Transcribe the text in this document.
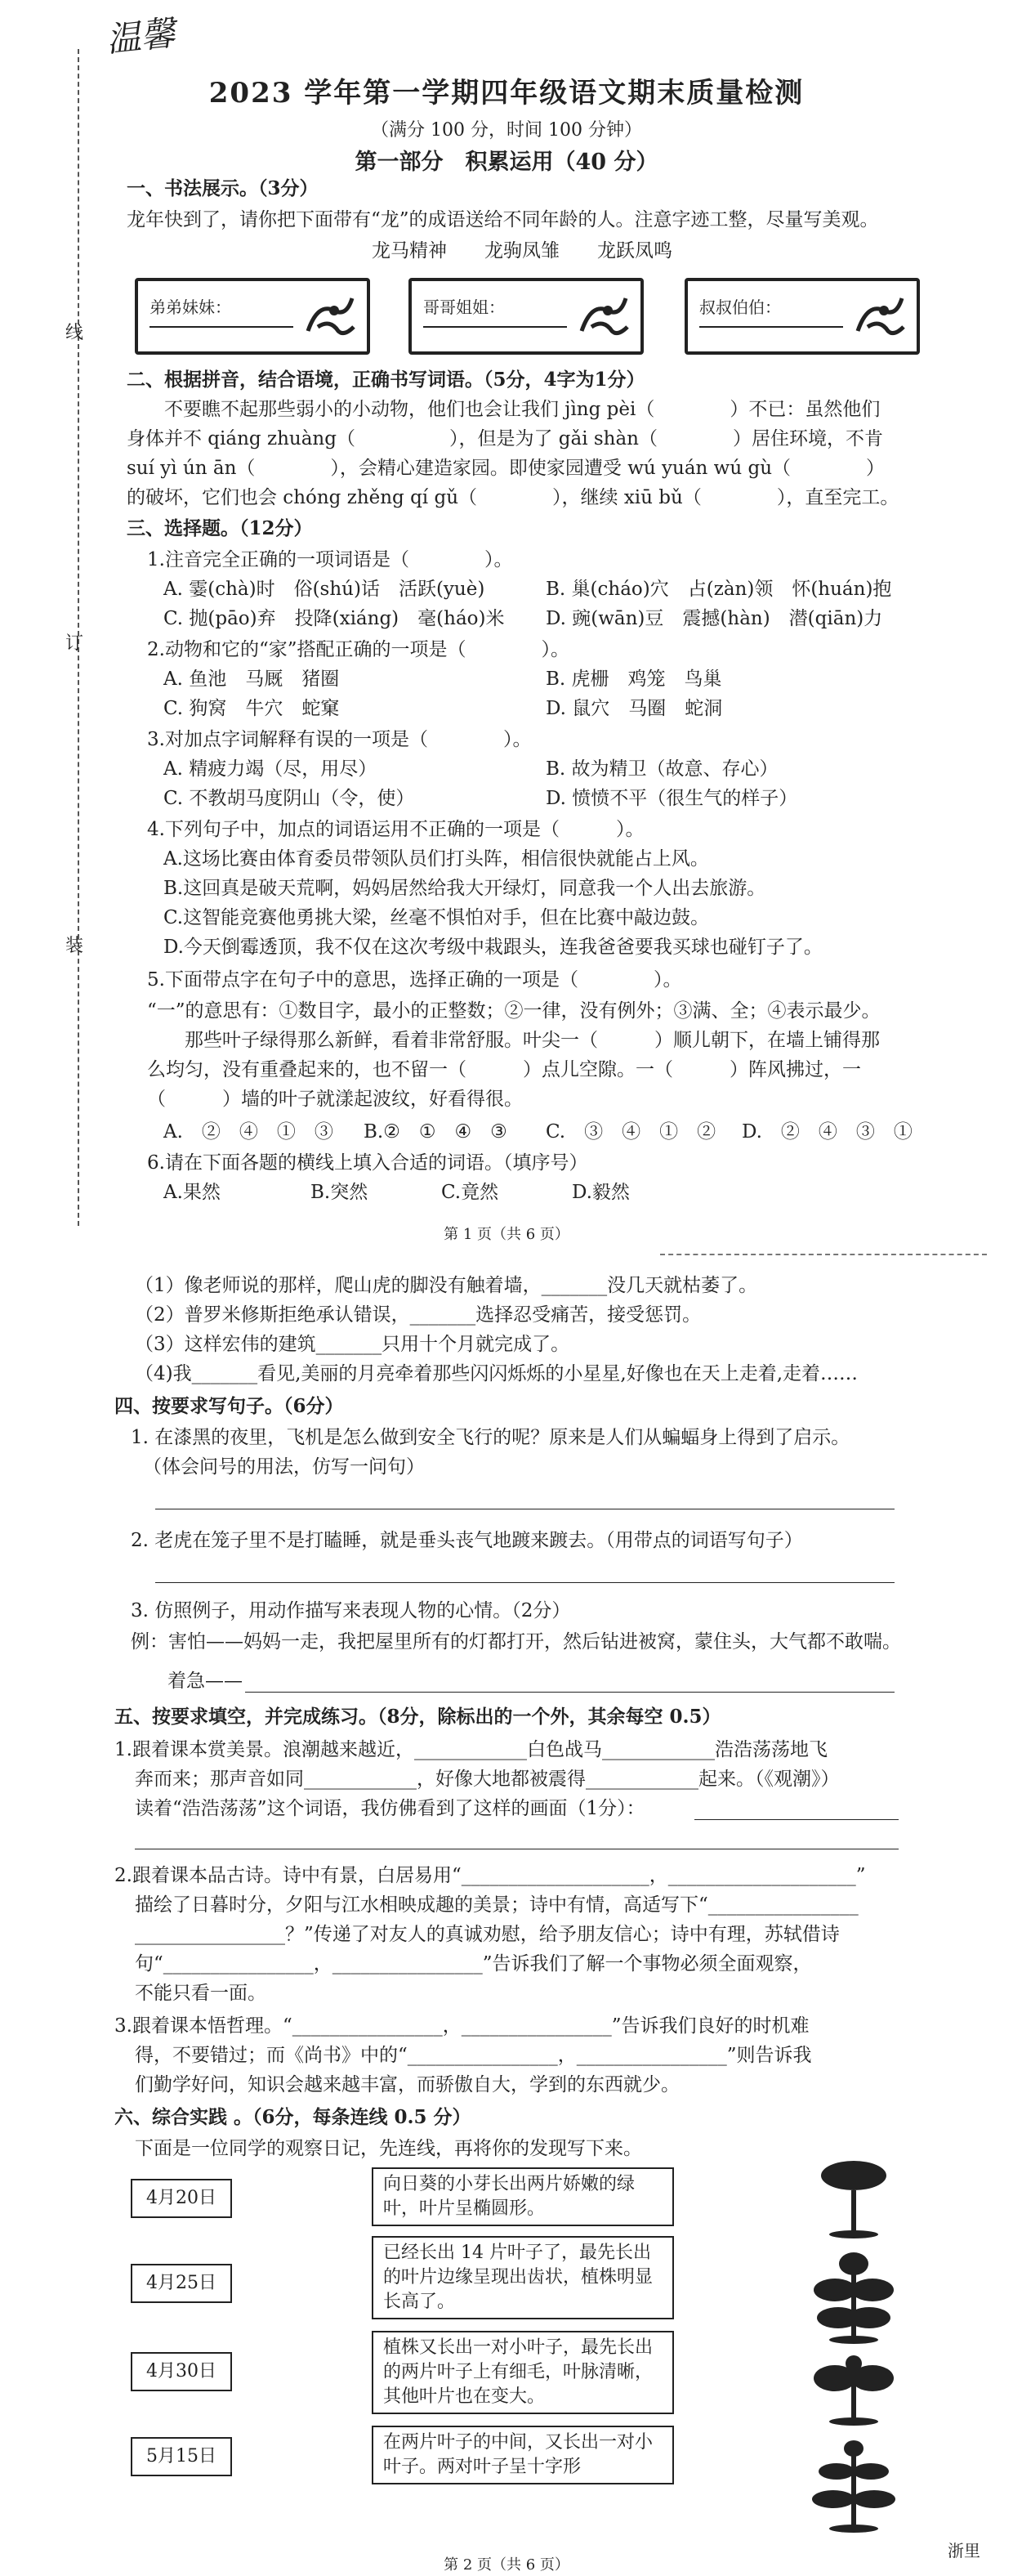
温馨
线
订
装
2023 学年第一学期四年级语文期末质量检测
（满分 100 分，时间 100 分钟）
第一部分　积累运用（40 分）
一、书法展示。（3分）
龙年快到了，请你把下面带有“龙”的成语送给不同年龄的人。注意字迹工整，尽量写美观。
龙马精神　　龙驹凤雏　　龙跃凤鸣
弟弟妹妹：	哥哥姐姐：	叔叔伯伯：
二、根据拼音，结合语境，正确书写词语。（5分，4字为1分）
　　不要瞧不起那些弱小的小动物，他们也会让我们 jìng pèi（　　　　）不已：虽然他们
身体并不 qiáng zhuàng（　　　　　），但是为了 gǎi shàn（　　　　）居住环境，不肯
suí yì ún ān（　　　　），会精心建造家园。即使家园遭受 wú yuán wú gù（　　　　）
的破坏，它们也会 chóng zhěng qí gǔ（　　　　），继续 xiū bǔ（　　　　），直至完工。
三、选择题。（12分）
1.注音完全正确的一项词语是（　　　　）。
A. 霎(chà)时　俗(shú)话　活跃(yuè)	B. 巢(cháo)穴　占(zàn)领　怀(huán)抱
C. 抛(pāo)弃　投降(xiáng)　毫(háo)米	D. 豌(wān)豆　震撼(hàn)　潜(qiān)力
2.动物和它的“家”搭配正确的一项是（　　　　）。
A. 鱼池　马厩　猪圈	B. 虎栅　鸡笼　鸟巢
C. 狗窝　牛穴　蛇窠	D. 鼠穴　马圈　蛇洞
3.对加点字词解释有误的一项是（　　　　）。
A. 精疲力竭（尽，用尽）	B. 故为精卫（故意、存心）
C. 不教胡马度阴山（令，使）	D. 愤愤不平（很生气的样子）
4.下列句子中，加点的词语运用不正确的一项是（　　　）。
A.这场比赛由体育委员带领队员们打头阵，相信很快就能占上风。
B.这回真是破天荒啊，妈妈居然给我大开绿灯，同意我一个人出去旅游。
C.这智能竞赛他勇挑大梁，丝毫不惧怕对手，但在比赛中敲边鼓。
D.今天倒霉透顶，我不仅在这次考级中栽跟头，连我爸爸要我买球也碰钉子了。
5.下面带点字在句子中的意思，选择正确的一项是（　　　　）。
“一”的意思有：①数目字，最小的正整数；②一律，没有例外；③满、全；④表示最少。
　　那些叶子绿得那么新鲜，看着非常舒服。叶尖一（　　　）顺儿朝下，在墙上铺得那
么均匀，没有重叠起来的，也不留一（　　　）点儿空隙。一（　　　）阵风拂过，一
（　　　）墙的叶子就漾起波纹，好看得很。
A.　②　④　①　③	B.②　①　④　③	C.　③　④　①　②	D.　②　④　③　①
6.请在下面各题的横线上填入合适的词语。（填序号）
A.果然	B.突然	C.竟然	D.毅然
第 1 页（共 6 页）
（1）像老师说的那样，爬山虎的脚没有触着墙，_______没几天就枯萎了。
（2）普罗米修斯拒绝承认错误，_______选择忍受痛苦，接受惩罚。
（3）这样宏伟的建筑_______只用十个月就完成了。
（4)我_______看见,美丽的月亮牵着那些闪闪烁烁的小星星,好像也在天上走着,走着……
四、按要求写句子。（6分）
1. 在漆黑的夜里，飞机是怎么做到安全飞行的呢？原来是人们从蝙蝠身上得到了启示。
（体会问号的用法，仿写一问句）
2. 老虎在笼子里不是打瞌睡，就是垂头丧气地踱来踱去。（用带点的词语写句子）
3. 仿照例子，用动作描写来表现人物的心情。（2分）
例：害怕——妈妈一走，我把屋里所有的灯都打开，然后钻进被窝，蒙住头，大气都不敢喘。
着急——
五、按要求填空，并完成练习。（8分，除标出的一个外，其余每空 0.5）
1.跟着课本赏美景。浪潮越来越近，____________白色战马____________浩浩荡荡地飞
奔而来；那声音如同____________，好像大地都被震得____________起来。（《观潮》）
读着“浩浩荡荡”这个词语，我仿佛看到了这样的画面（1分）：
2.跟着课本品古诗。诗中有景，白居易用“____________________，____________________”
描绘了日暮时分，夕阳与江水相映成趣的美景；诗中有情，高适写下“________________
________________？”传递了对友人的真诚劝慰，给予朋友信心；诗中有理，苏轼借诗
句“________________，________________”告诉我们了解一个事物必须全面观察，
不能只看一面。
3.跟着课本悟哲理。“________________，________________”告诉我们良好的时机难
得，不要错过；而《尚书》中的“________________，________________”则告诉我
们勤学好问，知识会越来越丰富，而骄傲自大，学到的东西就少。
六、综合实践 。（6分，每条连线 0.5 分）
下面是一位同学的观察日记，先连线，再将你的发现写下来。
4月20日
4月25日
4月30日
5月15日
向日葵的小芽长出两片娇嫩的绿叶，叶片呈椭圆形。
已经长出 14 片叶子了，最先长出的叶片边缘呈现出齿状，植株明显长高了。
植株又长出一对小叶子，最先长出的两片叶子上有细毛，叶脉清晰，其他叶片也在变大。
在两片叶子的中间，又长出一对小叶子。两对叶子呈十字形
第 2 页（共 6 页）
浙里
